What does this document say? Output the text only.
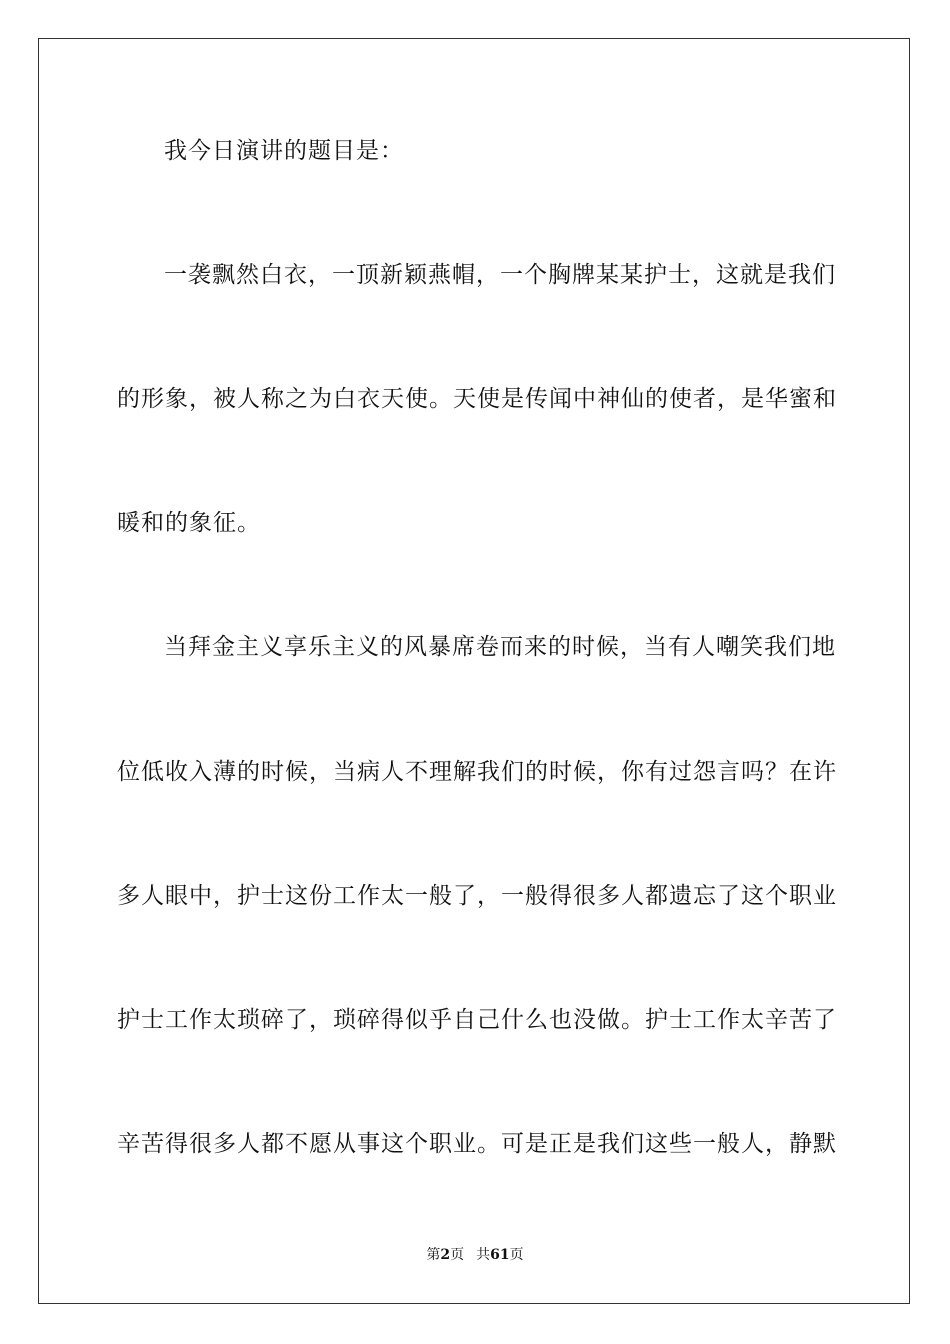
我今日演讲的题目是：
一袭飘然白衣，一顶新颖燕帽，一个胸牌某某护士，这就是我们
的形象，被人称之为白衣天使。天使是传闻中神仙的使者，是华蜜和
暖和的象征。
当拜金主义享乐主义的风暴席卷而来的时候，当有人嘲笑我们地
位低收入薄的时候，当病人不理解我们的时候，你有过怨言吗？在许
多人眼中，护士这份工作太一般了，一般得很多人都遗忘了这个职业
护士工作太琐碎了，琐碎得似乎自己什么也没做。护士工作太辛苦了
辛苦得很多人都不愿从事这个职业。可是正是我们这些一般人，静默
第2页 共61页
